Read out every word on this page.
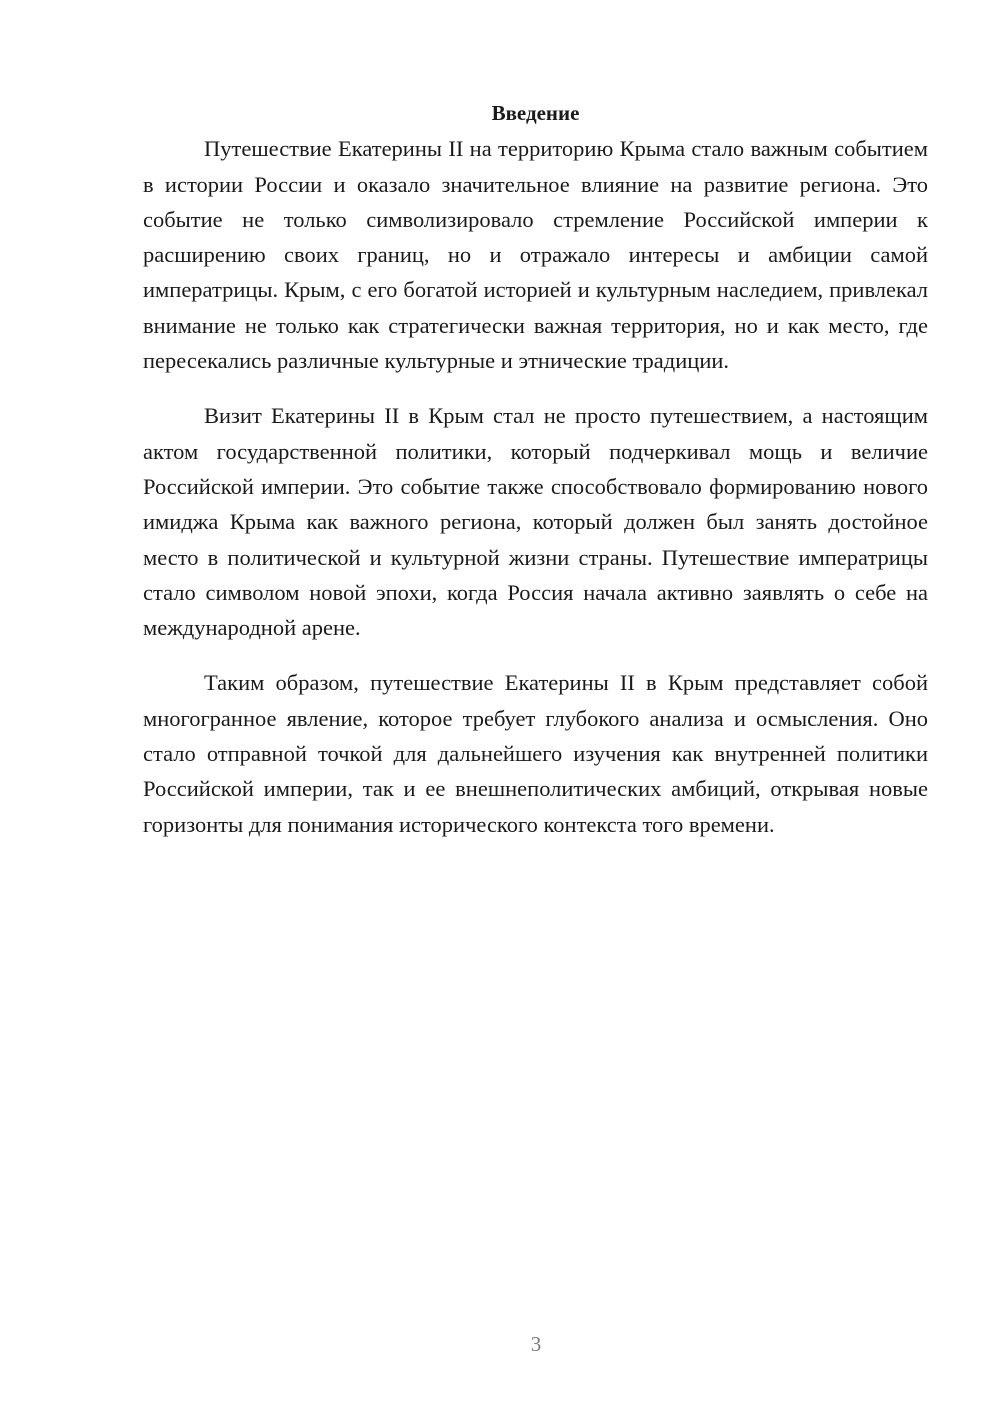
Введение

Путешествие Екатерины II на территорию Крыма стало важным событием в истории России и оказало значительное влияние на развитие региона. Это событие не только символизировало стремление Российской империи к расширению своих границ, но и отражало интересы и амбиции самой императрицы. Крым, с его богатой историей и культурным наследием, привлекал внимание не только как стратегически важная территория, но и как место, где пересекались различные культурные и этнические традиции.

Визит Екатерины II в Крым стал не просто путешествием, а настоящим актом государственной политики, который подчеркивал мощь и величие Российской империи. Это событие также способствовало формированию нового имиджа Крыма как важного региона, который должен был занять достойное место в политической и культурной жизни страны. Путешествие императрицы стало символом новой эпохи, когда Россия начала активно заявлять о себе на международной арене.

Таким образом, путешествие Екатерины II в Крым представляет собой многогранное явление, которое требует глубокого анализа и осмысления. Оно стало отправной точкой для дальнейшего изучения как внутренней политики Российской империи, так и ее внешнеполитических амбиций, открывая новые горизонты для понимания исторического контекста того времени.

3
